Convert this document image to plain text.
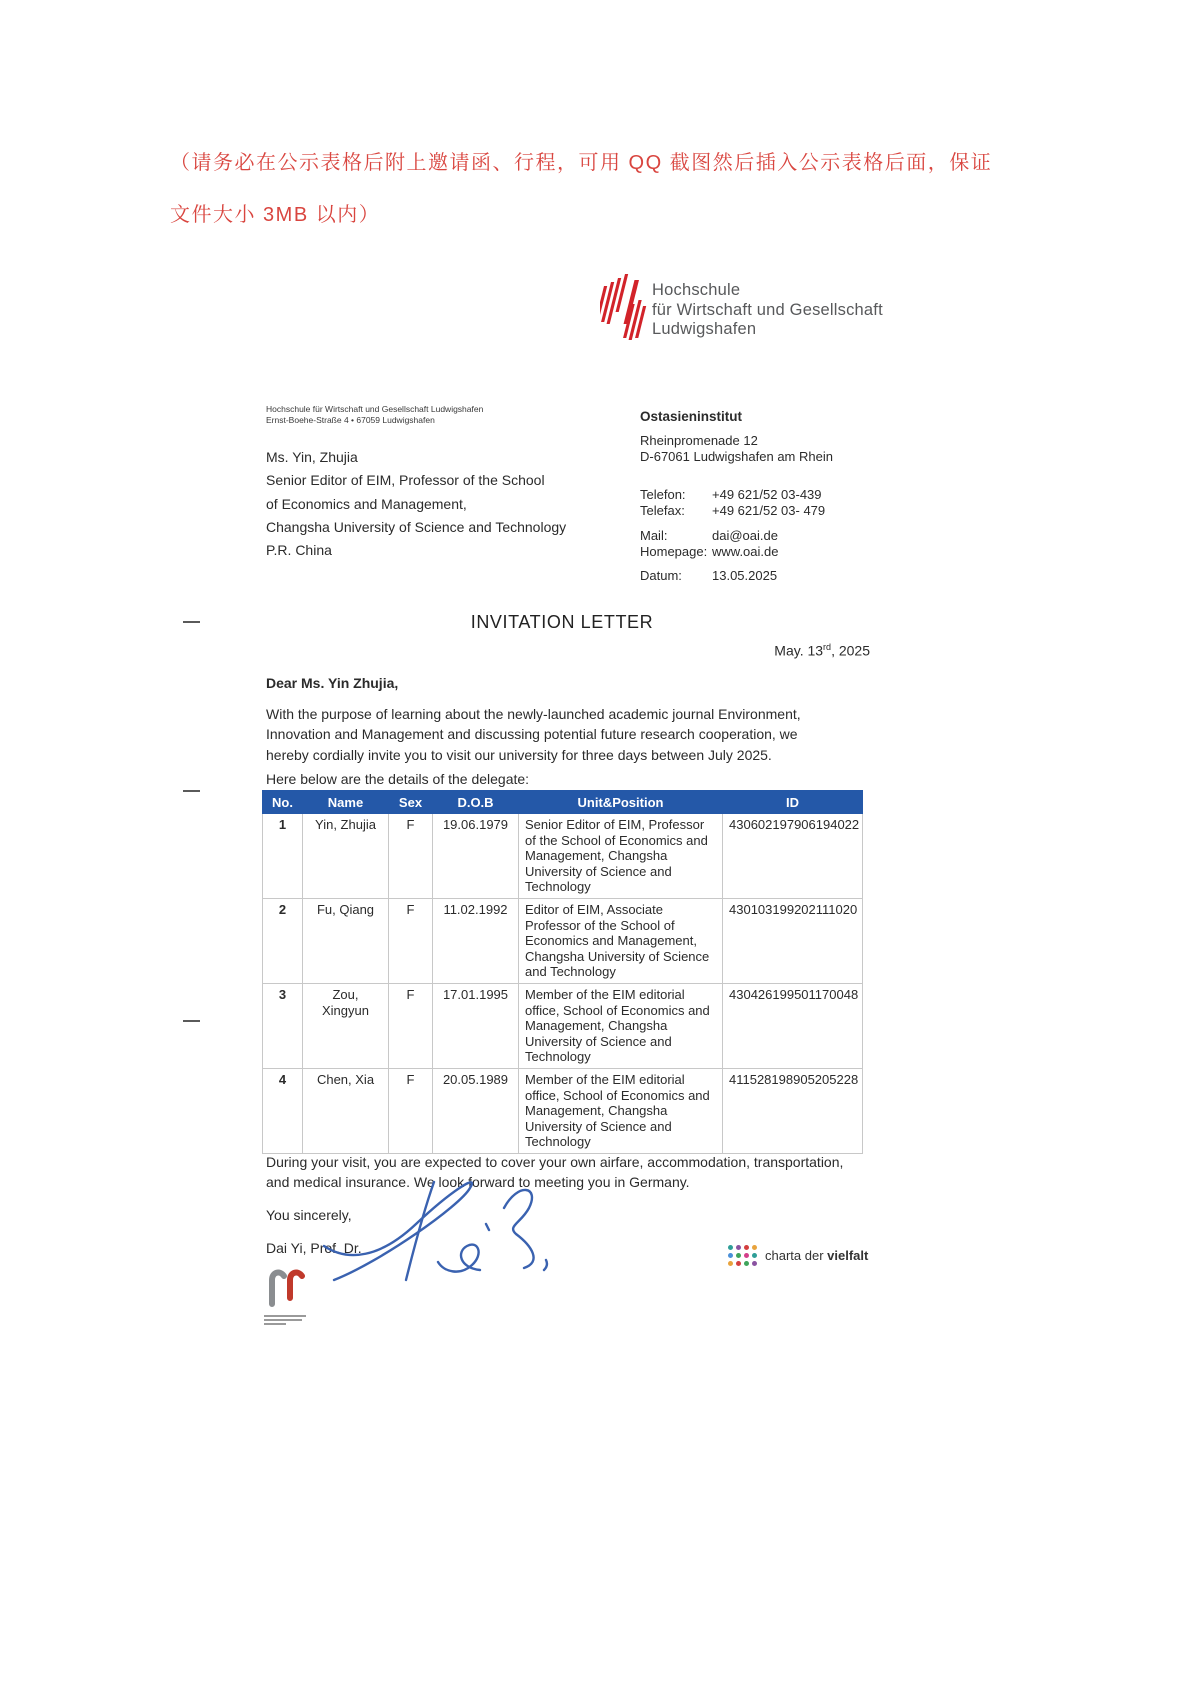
（请务必在公示表格后附上邀请函、行程，可用 QQ 截图然后插入公示表格后面，保证
文件大小 3MB 以内）
Hochschule
für Wirtschaft und Gesellschaft
Ludwigshafen
Hochschule für Wirtschaft und Gesellschaft Ludwigshafen
Ernst-Boehe-Straße 4 • 67059 Ludwigshafen
Ms. Yin, Zhujia
Senior Editor of EIM, Professor of the School
of Economics and Management,
Changsha University of Science and Technology
P.R. China
Ostasieninstitut
Rheinpromenade 12
D-67061 Ludwigshafen am Rhein
Telefon:	+49 621/52 03-439
Telefax:	+49 621/52 03- 479
Mail:	dai@oai.de
Homepage: www.oai.de
Datum:	13.05.2025
INVITATION LETTER
May. 13rd, 2025
Dear Ms. Yin Zhujia,
With the purpose of learning about the newly-launched academic journal Environment, Innovation and Management and discussing potential future research cooperation, we hereby cordially invite you to visit our university for three days between July 2025.
Here below are the details of the delegate:
No.	Name	Sex	D.O.B	Unit&Position	ID
1	Yin, Zhujia	F	19.06.1979	Senior Editor of EIM, Professor of the School of Economics and Management, Changsha University of Science and Technology	430602197906194022
2	Fu, Qiang	F	11.02.1992	Editor of EIM, Associate Professor of the School of Economics and Management, Changsha University of Science and Technology	430103199202111020
3	Zou, Xingyun	F	17.01.1995	Member of the EIM editorial office, School of Economics and Management, Changsha University of Science and Technology	430426199501170048
4	Chen, Xia	F	20.05.1989	Member of the EIM editorial office, School of Economics and Management, Changsha University of Science and Technology	411528198905205228
During your visit, you are expected to cover your own airfare, accommodation, transportation, and medical insurance. We look forward to meeting you in Germany.
You sincerely,
Dai Yi, Prof. Dr.	charta der vielfalt
